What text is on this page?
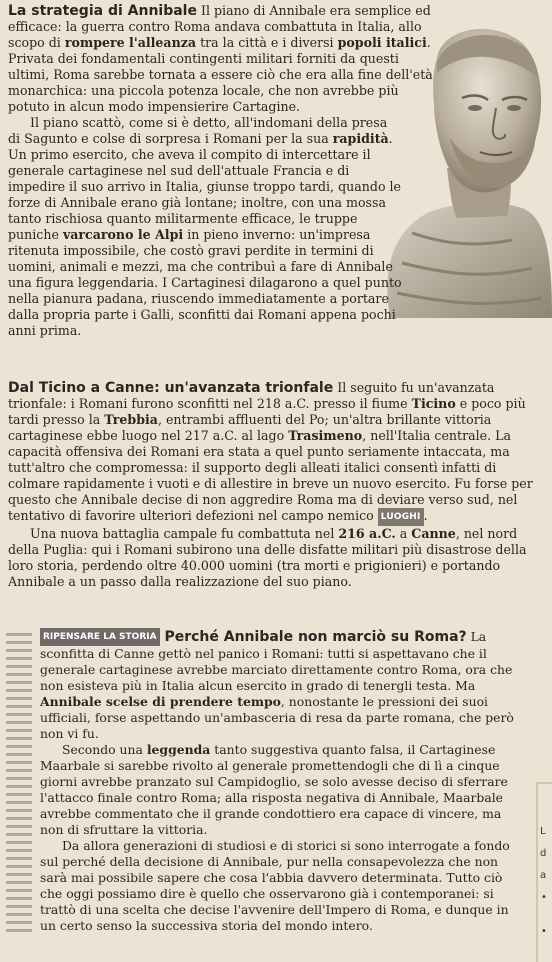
La strategia di Annibale Il piano di Annibale era semplice ed efficace: la guerra contro Roma andava combattuta in Italia, allo scopo di rompere l'alleanza tra la città e i diversi popoli italici. Privata dei fondamentali contingenti militari forniti da questi ultimi, Roma sarebbe tornata a essere ciò che era alla fine dell'età monarchica: una piccola potenza locale, che non avrebbe più potuto in alcun modo impensierire Cartagine.

Il piano scattò, come si è detto, all'indomani della presa di Sagunto e colse di sorpresa i Romani per la sua rapidità. Un primo esercito, che aveva il compito di intercettare il generale cartaginese nel sud dell'attuale Francia e di impedire il suo arrivo in Italia, giunse troppo tardi, quando le forze di Annibale erano già lontane; inoltre, con una mossa tanto rischiosa quanto militarmente efficace, le truppe puniche varcarono le Alpi in pieno inverno: un'impresa ritenuta impossibile, che costò gravi perdite in termini di uomini, animali e mezzi, ma che contribuì a fare di Annibale una figura leggendaria. I Cartaginesi dilagarono a quel punto nella pianura padana, riuscendo immediatamente a portare dalla propria parte i Galli, sconfitti dai Romani appena pochi anni prima.

Dal Ticino a Canne: un'avanzata trionfale Il seguito fu un'avanzata trionfale: i Romani furono sconfitti nel 218 a.C. presso il fiume Ticino e poco più tardi presso la Trebbia, entrambi affluenti del Po; un'altra brillante vittoria cartaginese ebbe luogo nel 217 a.C. al lago Trasimeno, nell'Italia centrale. La capacità offensiva dei Romani era stata a quel punto seriamente intaccata, ma tutt'altro che compromessa: il supporto degli alleati italici consentì infatti di colmare rapidamente i vuoti e di allestire in breve un nuovo esercito. Fu forse per questo che Annibale decise di non aggredire Roma ma di deviare verso sud, nel tentativo di favorire ulteriori defezioni nel campo nemico LUOGHI .

Una nuova battaglia campale fu combattuta nel 216 a.C. a Canne, nel nord della Puglia: qui i Romani subirono una delle disfatte militari più disastrose della loro storia, perdendo oltre 40.000 uomini (tra morti e prigionieri) e portando Annibale a un passo dalla realizzazione del suo piano.

RIPENSARE LA STORIA Perché Annibale non marciò su Roma? La sconfitta di Canne gettò nel panico i Romani: tutti si aspettavano che il generale cartaginese avrebbe marciato direttamente contro Roma, ora che non esisteva più in Italia alcun esercito in grado di tenergli testa. Ma Annibale scelse di prendere tempo, nonostante le pressioni dei suoi ufficiali, forse aspettando un'ambasceria di resa da parte romana, che però non vi fu.

Secondo una leggenda tanto suggestiva quanto falsa, il Cartaginese Maarbale si sarebbe rivolto al generale promettendogli che di lì a cinque giorni avrebbe pranzato sul Campidoglio, se solo avesse deciso di sferrare l'attacco finale contro Roma; alla risposta negativa di Annibale, Maarbale avrebbe commentato che il grande condottiero era capace di vincere, ma non di sfruttare la vittoria.

Da allora generazioni di studiosi e di storici si sono interrogate a fondo sul perché della decisione di Annibale, pur nella consapevolezza che non sarà mai possibile sapere che cosa l'abbia davvero determinata. Tutto ciò che oggi possiamo dire è quello che osservarono già i contemporanei: si trattò di una scelta che decise l'avvenire dell'Impero di Roma, e dunque in un certo senso la successiva storia del mondo intero.

L
d
a
•
•
